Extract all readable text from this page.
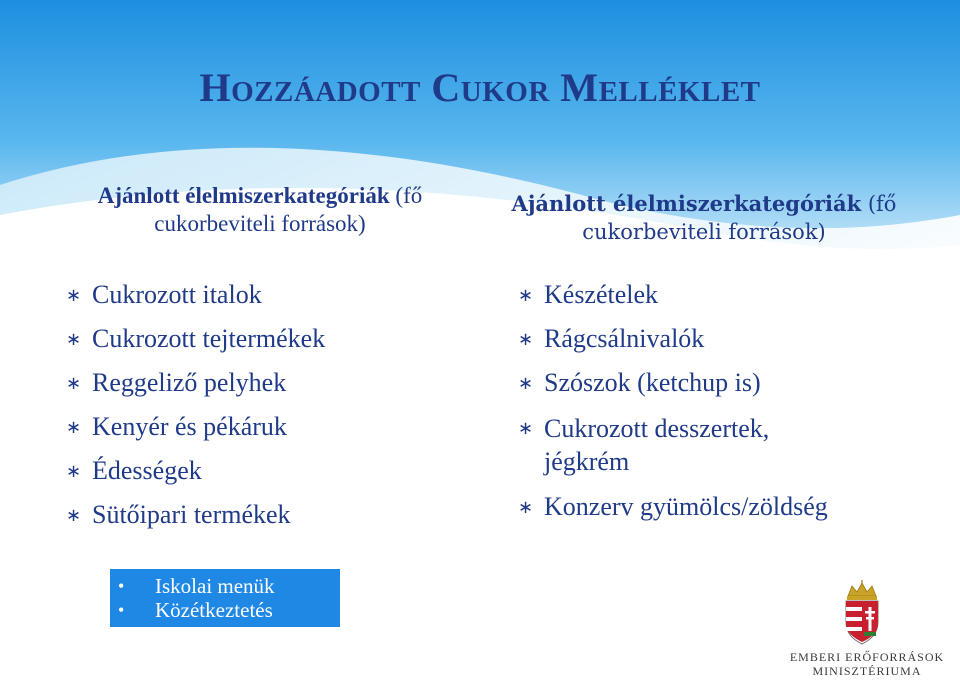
HOZZÁADOTT CUKOR MELLÉKLET
Ajánlott élelmiszerkategóriák (fő cukorbeviteli források)
Ajánlott élelmiszerkategóriák (fő cukorbeviteli források)
∗ Cukrozott italok
∗ Cukrozott tejtermékek
∗ Reggeliző pelyhek
∗ Kenyér és pékáruk
∗ Édességek
∗ Sütőipari termékek
∗ Készételek
∗ Rágcsálnivalók
∗ Szószok (ketchup is)
∗ Cukrozott desszertek, jégkrém
∗ Konzerv gyümölcs/zöldség
• Iskolai menük
• Közétkeztetés
EMBERI ERŐFORRÁSOK
MINISZTÉRIUMA
